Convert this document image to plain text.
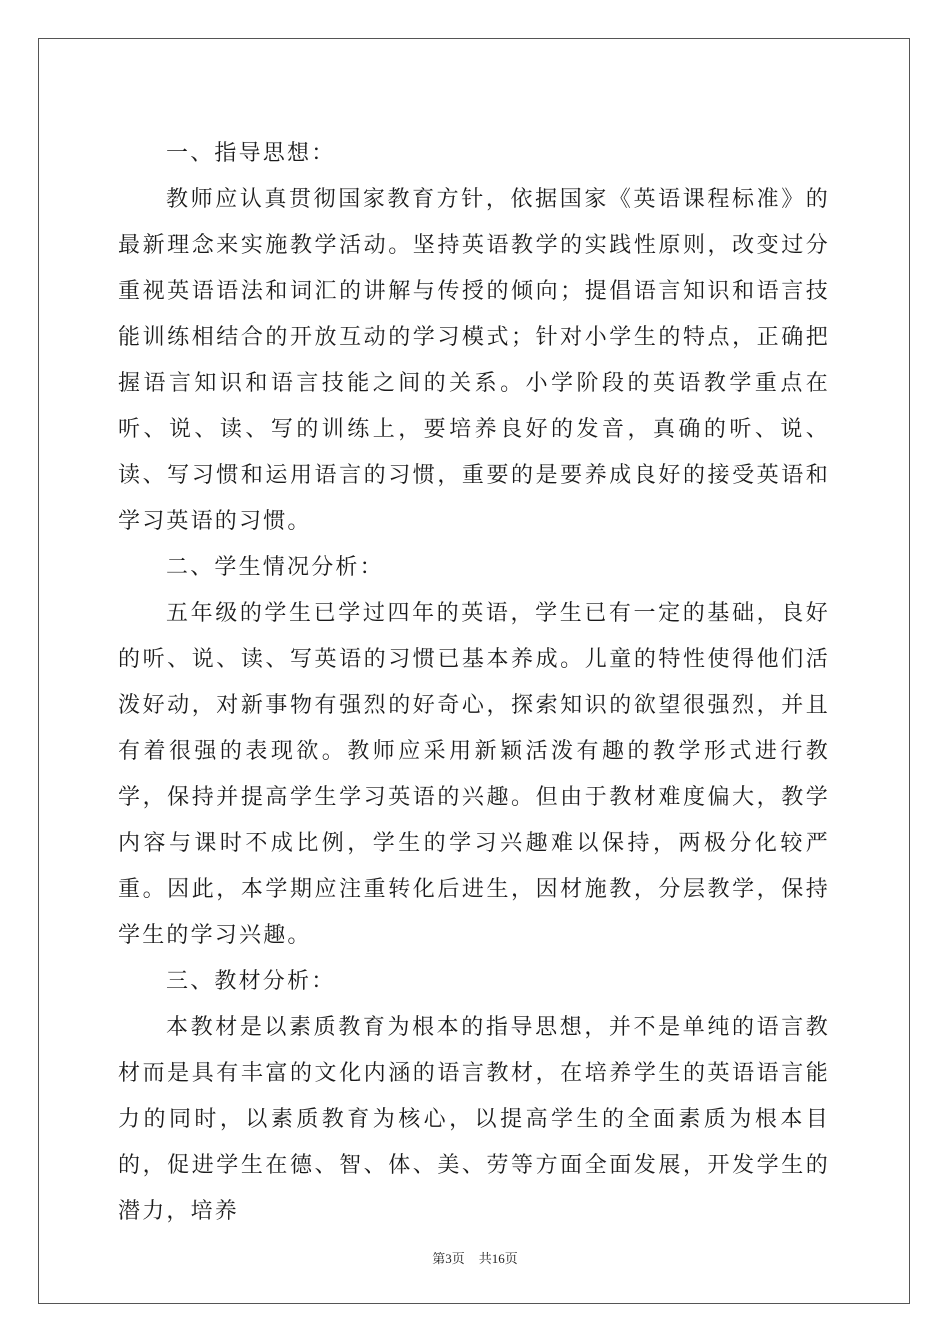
一、指导思想：

教师应认真贯彻国家教育方针，依据国家《英语课程标准》的最新理念来实施教学活动。坚持英语教学的实践性原则，改变过分重视英语语法和词汇的讲解与传授的倾向；提倡语言知识和语言技能训练相结合的开放互动的学习模式；针对小学生的特点，正确把握语言知识和语言技能之间的关系。小学阶段的英语教学重点在听、说、读、写的训练上，要培养良好的发音，真确的听、说、读、写习惯和运用语言的习惯，重要的是要养成良好的接受英语和学习英语的习惯。

二、学生情况分析：

五年级的学生已学过四年的英语，学生已有一定的基础，良好的听、说、读、写英语的习惯已基本养成。儿童的特性使得他们活泼好动，对新事物有强烈的好奇心，探索知识的欲望很强烈，并且有着很强的表现欲。教师应采用新颖活泼有趣的教学形式进行教学，保持并提高学生学习英语的兴趣。但由于教材难度偏大，教学内容与课时不成比例，学生的学习兴趣难以保持，两极分化较严重。因此，本学期应注重转化后进生，因材施教，分层教学，保持学生的学习兴趣。

三、教材分析：

本教材是以素质教育为根本的指导思想，并不是单纯的语言教材而是具有丰富的文化内涵的语言教材，在培养学生的英语语言能力的同时，以素质教育为核心，以提高学生的全面素质为根本目的，促进学生在德、智、体、美、劳等方面全面发展，开发学生的潜力，培养

第3页 共16页
